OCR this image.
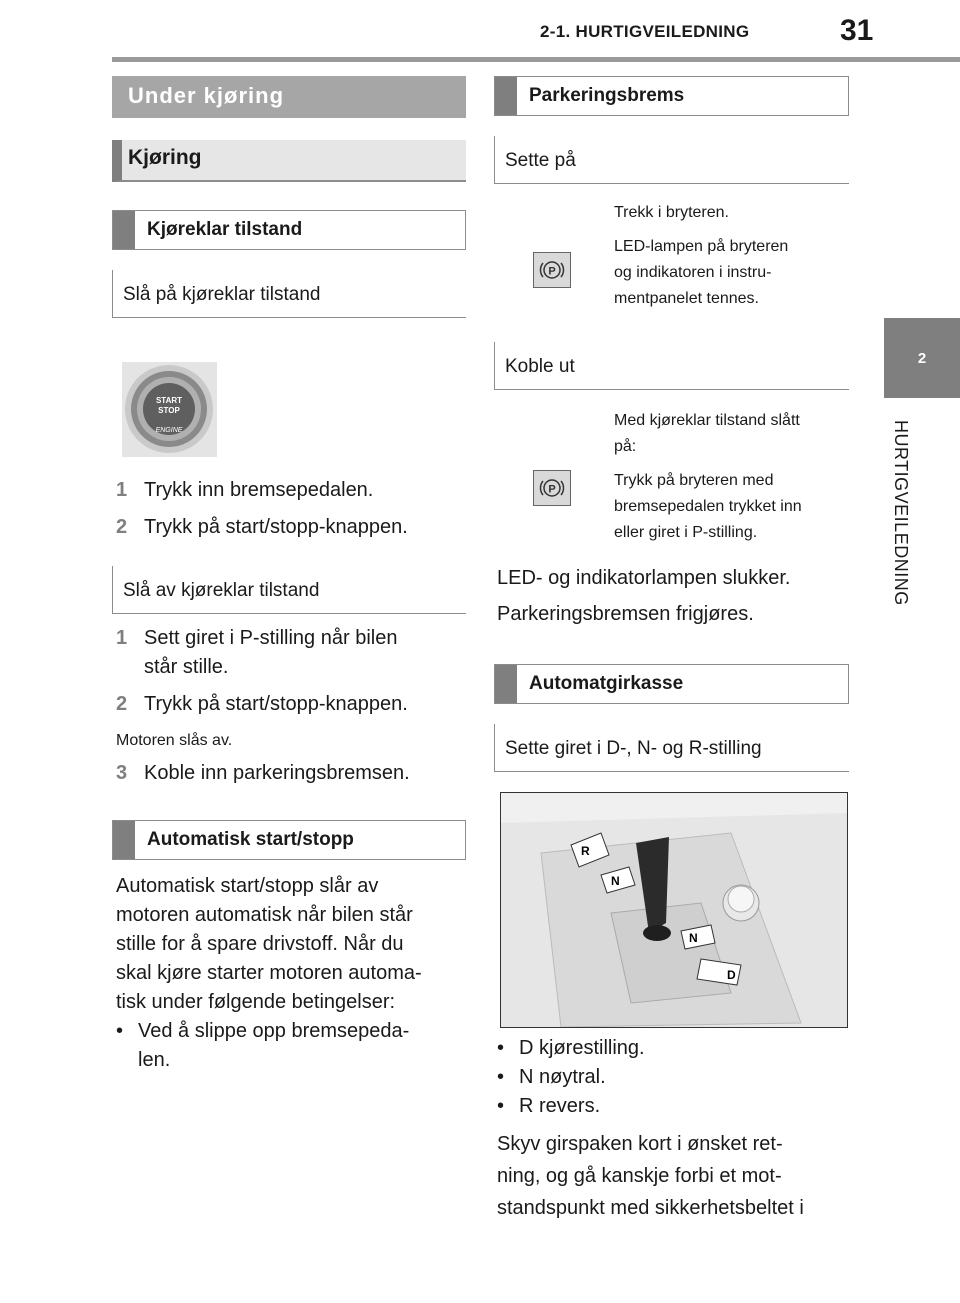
2-1. HURTIGVEILEDNING	31
2
HURTIGVEILEDNING
Under kjøring
Kjøring
Kjøreklar tilstand
Slå på kjøreklar tilstand
START
STOP
ENGINE
1 Trykk inn bremsepedalen.
2 Trykk på start/stopp-knappen.
Slå av kjøreklar tilstand
1 Sett giret i P-stilling når bilen
står stille.
2 Trykk på start/stopp-knappen.
Motoren slås av.
3 Koble inn parkeringsbremsen.
Automatisk start/stopp
Automatisk start/stopp slår av
motoren automatisk når bilen står
stille for å spare drivstoff. Når du
skal kjøre starter motoren automa-
tisk under følgende betingelser:
• Ved å slippe opp bremsepeda-
len.
Parkeringsbrems
Sette på
P
Trekk i bryteren.
LED-lampen på bryteren
og indikatoren i instru-
mentpanelet tennes.
Koble ut
P
Med kjøreklar tilstand slått
på:
Trykk på bryteren med
bremsepedalen trykket inn
eller giret i P-stilling.
LED- og indikatorlampen slukker.
Parkeringsbremsen frigjøres.
Automatgirkasse
Sette giret i D-, N- og R-stilling
R
N
N
D
• D kjørestilling.
• N nøytral.
• R revers.
Skyv girspaken kort i ønsket ret-
ning, og gå kanskje forbi et mot-
standspunkt med sikkerhetsbeltet i
